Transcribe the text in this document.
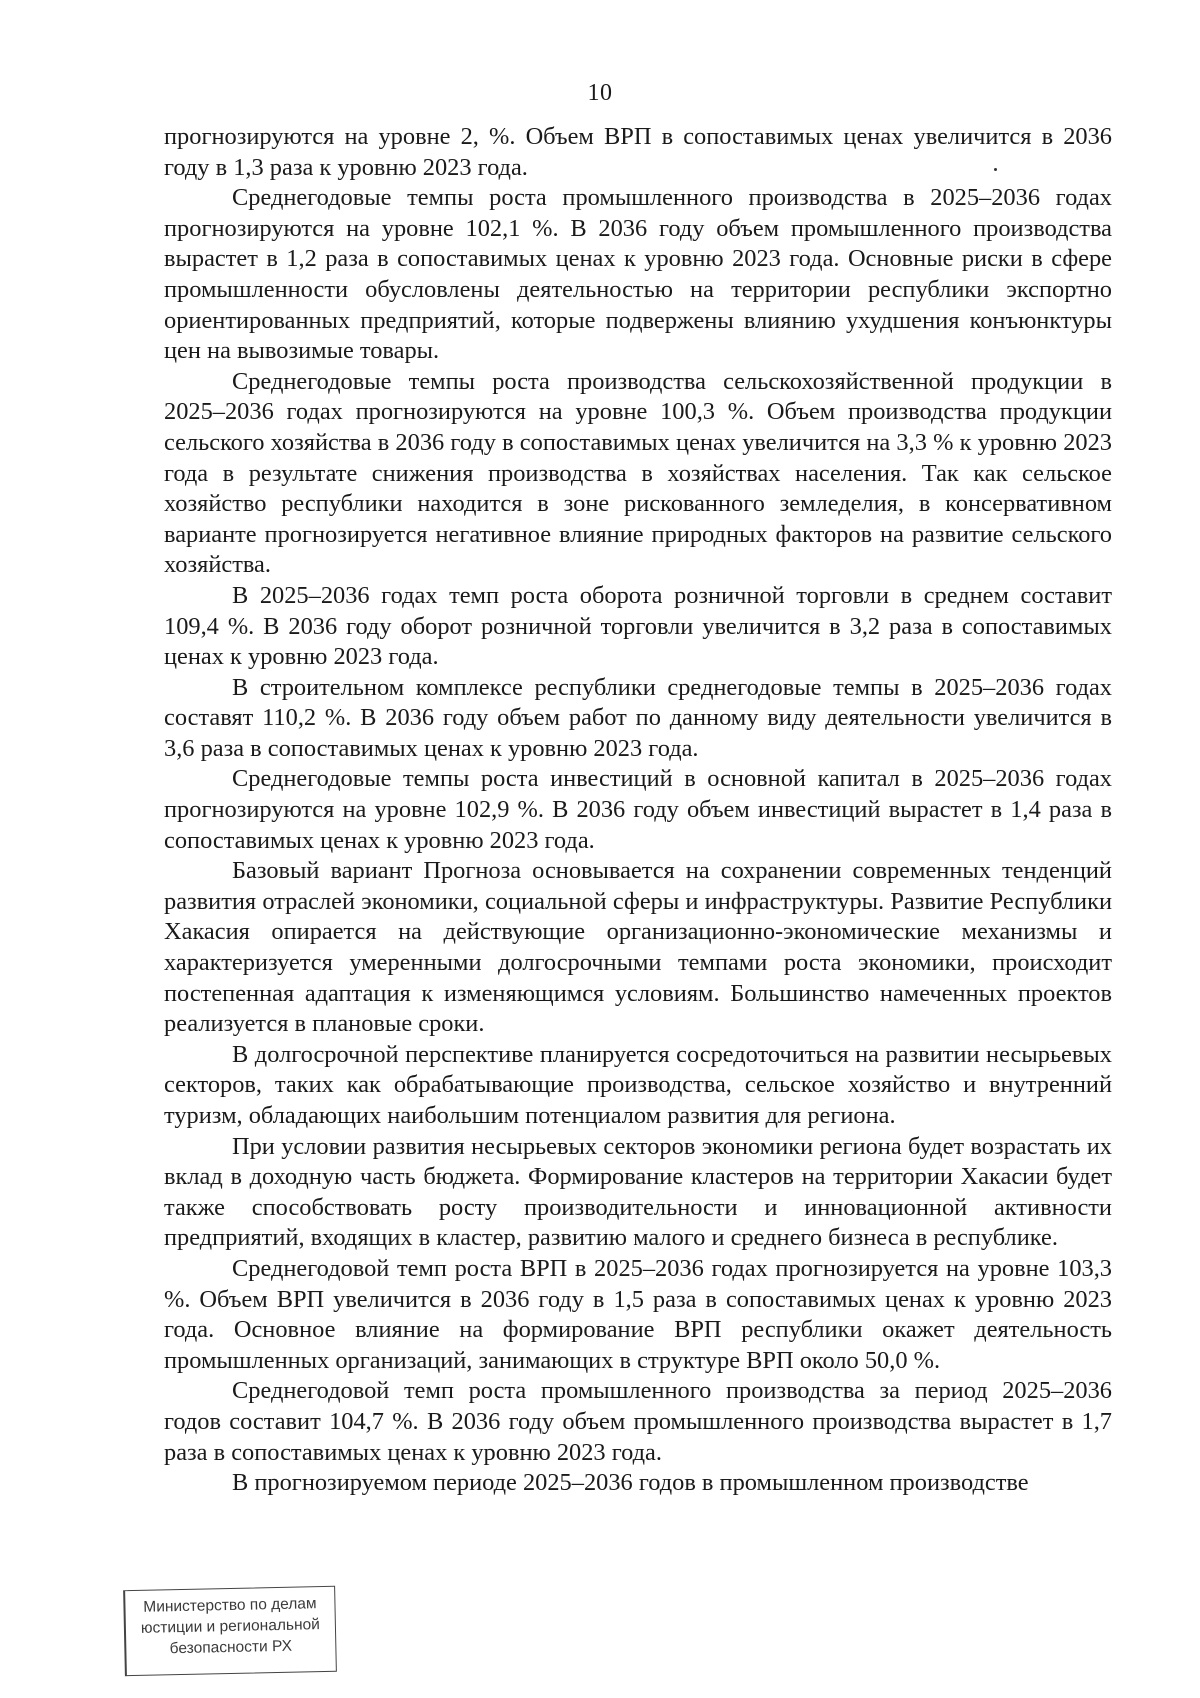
10

прогнозируются на уровне 2, %. Объем ВРП в сопоставимых ценах увеличится в 2036 году в 1,3 раза к уровню 2023 года.

Среднегодовые темпы роста промышленного производства в 2025–2036 годах прогнозируются на уровне 102,1 %. В 2036 году объем промышленного производства вырастет в 1,2 раза в сопоставимых ценах к уровню 2023 года. Основные риски в сфере промышленности обусловлены деятельностью на территории республики экспортно ориентированных предприятий, которые подвержены влиянию ухудшения конъюнктуры цен на вывозимые товары.

Среднегодовые темпы роста производства сельскохозяйственной продукции в 2025–2036 годах прогнозируются на уровне 100,3 %. Объем производства продукции сельского хозяйства в 2036 году в сопоставимых ценах увеличится на 3,3 % к уровню 2023 года в результате снижения производства в хозяйствах населения. Так как сельское хозяйство республики находится в зоне рискованного земледелия, в консервативном варианте прогнозируется негативное влияние природных факторов на развитие сельского хозяйства.

В 2025–2036 годах темп роста оборота розничной торговли в среднем составит 109,4 %. В 2036 году оборот розничной торговли увеличится в 3,2 раза в сопоставимых ценах к уровню 2023 года.

В строительном комплексе республики среднегодовые темпы в 2025–2036 годах составят 110,2 %. В 2036 году объем работ по данному виду деятельности увеличится в 3,6 раза в сопоставимых ценах к уровню 2023 года.

Среднегодовые темпы роста инвестиций в основной капитал в 2025–2036 годах прогнозируются на уровне 102,9 %. В 2036 году объем инвестиций вырастет в 1,4 раза в сопоставимых ценах к уровню 2023 года.

Базовый вариант Прогноза основывается на сохранении современных тенденций развития отраслей экономики, социальной сферы и инфраструктуры. Развитие Республики Хакасия опирается на действующие организационно-экономические механизмы и характеризуется умеренными долгосрочными темпами роста экономики, происходит постепенная адаптация к изменяющимся условиям. Большинство намеченных проектов реализуется в плановые сроки.

В долгосрочной перспективе планируется сосредоточиться на развитии несырьевых секторов, таких как обрабатывающие производства, сельское хозяйство и внутренний туризм, обладающих наибольшим потенциалом развития для региона.

При условии развития несырьевых секторов экономики региона будет возрастать их вклад в доходную часть бюджета. Формирование кластеров на территории Хакасии будет также способствовать росту производительности и инновационной активности предприятий, входящих в кластер, развитию малого и среднего бизнеса в республике.

Среднегодовой темп роста ВРП в 2025–2036 годах прогнозируется на уровне 103,3 %. Объем ВРП увеличится в 2036 году в 1,5 раза в сопоставимых ценах к уровню 2023 года. Основное влияние на формирование ВРП республики окажет деятельность промышленных организаций, занимающих в структуре ВРП около 50,0 %.

Среднегодовой темп роста промышленного производства за период 2025–2036 годов составит 104,7 %. В 2036 году объем промышленного производства вырастет в 1,7 раза в сопоставимых ценах к уровню 2023 года.

В прогнозируемом периоде 2025–2036 годов в промышленном производстве

Министерство по делам
юстиции и региональной
безопасности РХ
